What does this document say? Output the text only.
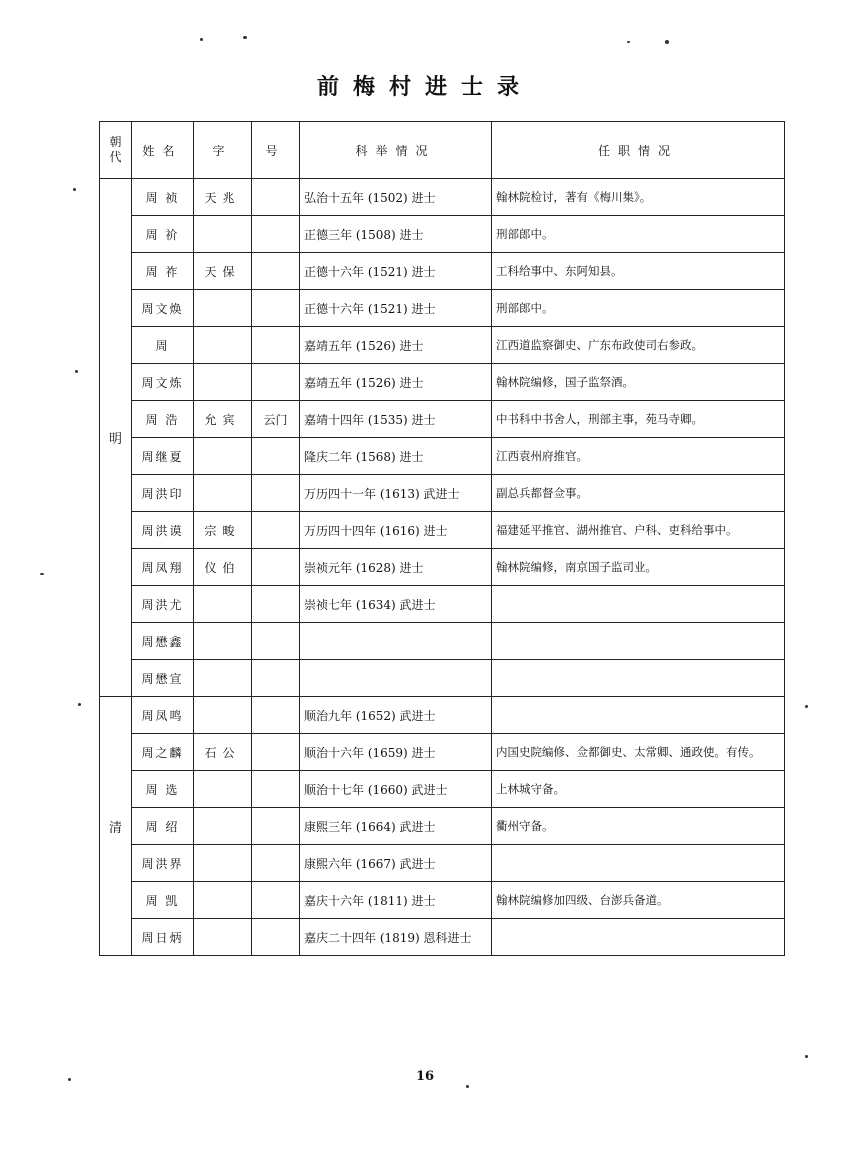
前梅村进士录
朝
代	姓名	字	号	科举情况	任职情况
明	周 祯	天兆		弘治十五年 (1502) 进士	翰林院检讨，著有《梅川集》。
	周 祄			正德三年 (1508) 进士	刑部郎中。
	周 祚	天保		正德十六年 (1521) 进士	工科给事中、东阿知县。
	周文焕			正德十六年 (1521) 进士	刑部郎中。
	周			嘉靖五年 (1526) 进士	江西道监察御史、广东布政使司右参政。
	周文炼			嘉靖五年 (1526) 进士	翰林院编修，国子监祭酒。
	周 浩	允宾	云门	嘉靖十四年 (1535) 进士	中书科中书舍人，刑部主事，苑马寺卿。
	周继夏			隆庆二年 (1568) 进士	江西袁州府推官。
	周洪印			万历四十一年 (1613) 武进士	副总兵都督佥事。
	周洪谟	宗畯		万历四十四年 (1616) 进士	福建延平推官、湖州推官、户科、吏科给事中。
	周凤翔	仪伯		崇祯元年 (1628) 进士	翰林院编修，南京国子监司业。
	周洪尤			崇祯七年 (1634) 武进士	
	周懋鑫				
	周懋宣				
清	周凤鸣			顺治九年 (1652) 武进士	
	周之麟	石公		顺治十六年 (1659) 进士	内国史院编修、佥都御史、太常卿、通政使。有传。
	周 选			顺治十七年 (1660) 武进士	上林城守备。
	周 绍			康熙三年 (1664) 武进士	衢州守备。
	周洪界			康熙六年 (1667) 武进士	
	周 凯			嘉庆十六年 (1811) 进士	翰林院编修加四级、台澎兵备道。
	周日炳			嘉庆二十四年 (1819) 恩科进士	
16
